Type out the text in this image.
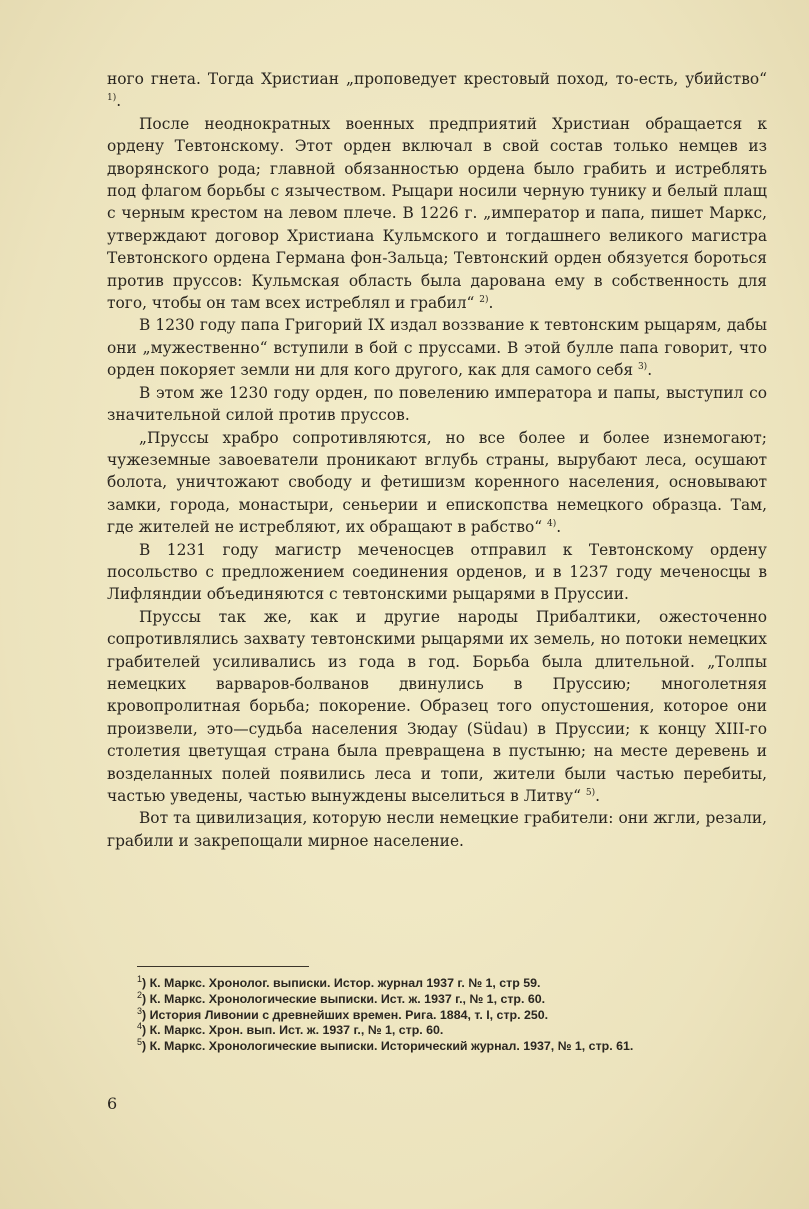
ного гнета. Тогда Христиан „проповедует крестовый поход, то-есть, убийство“ $^{1)}$.

После неоднократных военных предприятий Христиан обращается к ордену Тевтонскому. Этот орден включал в свой состав только немцев из дворянского рода; главной обязанностью ордена было грабить и истреблять под флагом борьбы с язычеством. Рыцари носили черную тунику и белый плащ с черным крестом на левом плече. В 1226 г. „император и папа, пишет Маркс, утверждают договор Христиана Кульмского и тогдашнего великого магистра Тевтонского ордена Германа фон-Зальца; Тевтонский орден обязуется бороться против пруссов: Кульмская область была дарована ему в собственность для того, чтобы он там всех истреблял и грабил“ $^{2)}$.

В 1230 году папа Григорий IX издал воззвание к тевтонским рыцарям, дабы они „мужественно“ вступили в бой с пруссами. В этой булле папа говорит, что орден покоряет земли ни для кого другого, как для самого себя $^{3)}$.

В этом же 1230 году орден, по повелению императора и папы, выступил со значительной силой против пруссов.

„Пруссы храбро сопротивляются, но все более и более изнемогают; чужеземные завоеватели проникают вглубь страны, вырубают леса, осушают болота, уничтожают свободу и фетишизм коренного населения, основывают замки, города, монастыри, сеньерии и епископства немецкого образца. Там, где жителей не истребляют, их обращают в рабство“ $^{4)}$.

В 1231 году магистр меченосцев отправил к Тевтонскому ордену посольство с предложением соединения орденов, и в 1237 году меченосцы в Лифляндии объединяются с тевтонскими рыцарями в Пруссии.

Пруссы так же, как и другие народы Прибалтики, ожесточенно сопротивлялись захвату тевтонскими рыцарями их земель, но потоки немецких грабителей усиливались из года в год. Борьба была длительной. „Толпы немецких варваров-болванов двинулись в Пруссию; многолетняя кровопролитная борьба; покорение. Образец того опустошения, которое они произвели, это—судьба населения Зюдау (Südau) в Пруссии; к концу XIII-го столетия цветущая страна была превращена в пустыню; на месте деревень и возделанных полей появились леса и топи, жители были частью перебиты, частью уведены, частью вынуждены выселиться в Литву“ $^{5)}$.

Вот та цивилизация, которую несли немецкие грабители: они жгли, резали, грабили и закрепощали мирное население.

$^1$) К. Маркс. Хронолог. выписки. Истор. журнал 1937 г. № 1, стр 59.

$^2$) К. Маркс. Хронологические выписки. Ист. ж. 1937 г., № 1, стр. 60.

$^3$) История Ливонии с древнейших времен. Рига. 1884, т. I, стр. 250.

$^4$) К. Маркс. Хрон. вып. Ист. ж. 1937 г., № 1, стр. 60.

$^5$) К. Маркс. Хронологические выписки. Исторический журнал. 1937, № 1, стр. 61.

6
